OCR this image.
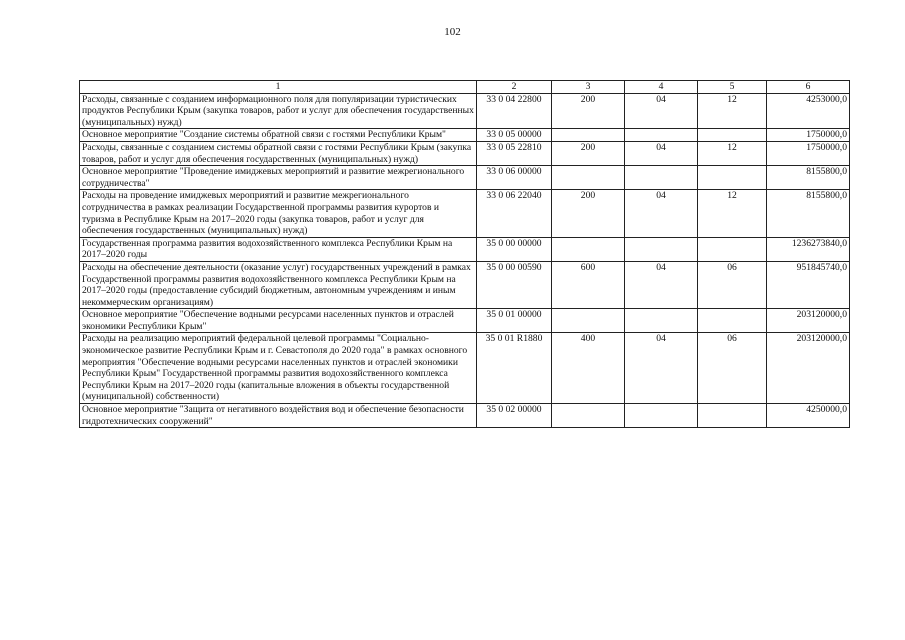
102
1	2	3	4	5	6
Расходы, связанные с созданием информационного поля для популяризации туристических продуктов Республики Крым (закупка товаров, работ и услуг для обеспечения государственных (муниципальных) нужд)	33 0 04 22800	200	04	12	4253000,0
Основное мероприятие "Создание системы обратной связи с гостями Республики Крым"	33 0 05 00000				1750000,0
Расходы, связанные с созданием системы обратной связи с гостями Республики Крым (закупка товаров, работ и услуг для обеспечения государственных (муниципальных) нужд)	33 0 05 22810	200	04	12	1750000,0
Основное мероприятие "Проведение имиджевых мероприятий и развитие межрегионального сотрудничества"	33 0 06 00000				8155800,0
Расходы на проведение имиджевых мероприятий и развитие межрегионального сотрудничества в рамках реализации Государственной программы развития курортов и туризма в Республике Крым на 2017–2020 годы (закупка товаров, работ и услуг для обеспечения государственных (муниципальных) нужд)	33 0 06 22040	200	04	12	8155800,0
Государственная программа развития водохозяйственного комплекса Республики Крым на 2017–2020 годы	35 0 00 00000				1236273840,0
Расходы на обеспечение деятельности (оказание услуг) государственных учреждений в рамках Государственной программы развития водохозяйственного комплекса Республики Крым на 2017–2020 годы (предоставление субсидий бюджетным, автономным учреждениям и иным некоммерческим организациям)	35 0 00 00590	600	04	06	951845740,0
Основное мероприятие "Обеспечение водными ресурсами населенных пунктов и отраслей экономики Республики Крым"	35 0 01 00000				203120000,0
Расходы на реализацию мероприятий федеральной целевой программы "Социально-экономическое развитие Республики Крым и г. Севастополя до 2020 года" в рамках основного мероприятия "Обеспечение водными ресурсами населенных пунктов и отраслей экономики Республики Крым" Государственной программы развития водохозяйственного комплекса Республики Крым на 2017–2020 годы (капитальные вложения в объекты государственной (муниципальной) собственности)	35 0 01 R1880	400	04	06	203120000,0
Основное мероприятие "Защита от негативного воздействия вод и обеспечение безопасности гидротехнических сооружений"	35 0 02 00000				4250000,0
